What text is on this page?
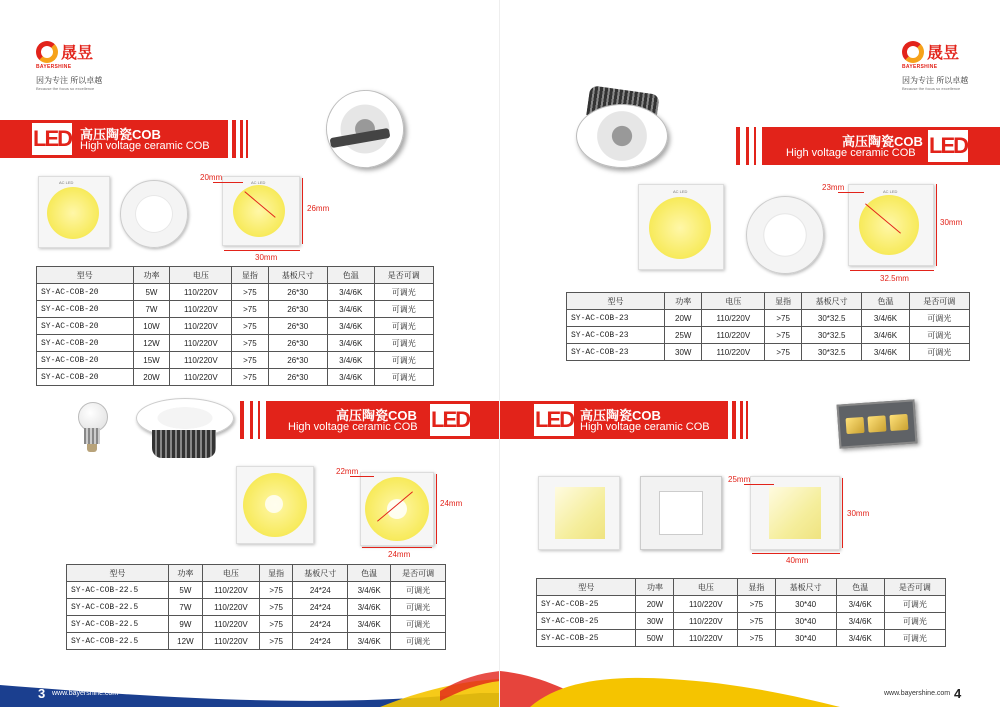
晟昱
BAYERSHINE
因为专注 所以卓越
Because the focus so excellence
LED 高压陶瓷COB
High voltage ceramic COB
AC LED	AC LED
20mm
26mm
30mm
型号	功率	电压	显指	基板尺寸	色温	是否可调
SY-AC-COB-20	5W	110/220V	>75	26*30	3/4/6K	可调光
SY-AC-COB-20	7W	110/220V	>75	26*30	3/4/6K	可调光
SY-AC-COB-20	10W	110/220V	>75	26*30	3/4/6K	可调光
SY-AC-COB-20	12W	110/220V	>75	26*30	3/4/6K	可调光
SY-AC-COB-20	15W	110/220V	>75	26*30	3/4/6K	可调光
SY-AC-COB-20	20W	110/220V	>75	26*30	3/4/6K	可调光
高压陶瓷COB
High voltage ceramic COB LED
22mm
24mm
24mm
型号	功率	电压	显指	基板尺寸	色温	是否可调
SY-AC-COB-22.5	5W	110/220V	>75	24*24	3/4/6K	可调光
SY-AC-COB-22.5	7W	110/220V	>75	24*24	3/4/6K	可调光
SY-AC-COB-22.5	9W	110/220V	>75	24*24	3/4/6K	可调光
SY-AC-COB-22.5	12W	110/220V	>75	24*24	3/4/6K	可调光
3 www.bayershine.com
晟昱
BAYERSHINE
因为专注 所以卓越
Because the focus so excellence
高压陶瓷COB
High voltage ceramic COB LED
AC LED	AC LED
23mm
30mm
32.5mm
型号	功率	电压	显指	基板尺寸	色温	是否可调
SY-AC-COB-23	20W	110/220V	>75	30*32.5	3/4/6K	可调光
SY-AC-COB-23	25W	110/220V	>75	30*32.5	3/4/6K	可调光
SY-AC-COB-23	30W	110/220V	>75	30*32.5	3/4/6K	可调光
LED 高压陶瓷COB
High voltage ceramic COB
25mm
30mm
40mm
型号	功率	电压	显指	基板尺寸	色温	是否可调
SY-AC-COB-25	20W	110/220V	>75	30*40	3/4/6K	可调光
SY-AC-COB-25	30W	110/220V	>75	30*40	3/4/6K	可调光
SY-AC-COB-25	50W	110/220V	>75	30*40	3/4/6K	可调光
www.bayershine.com 4
